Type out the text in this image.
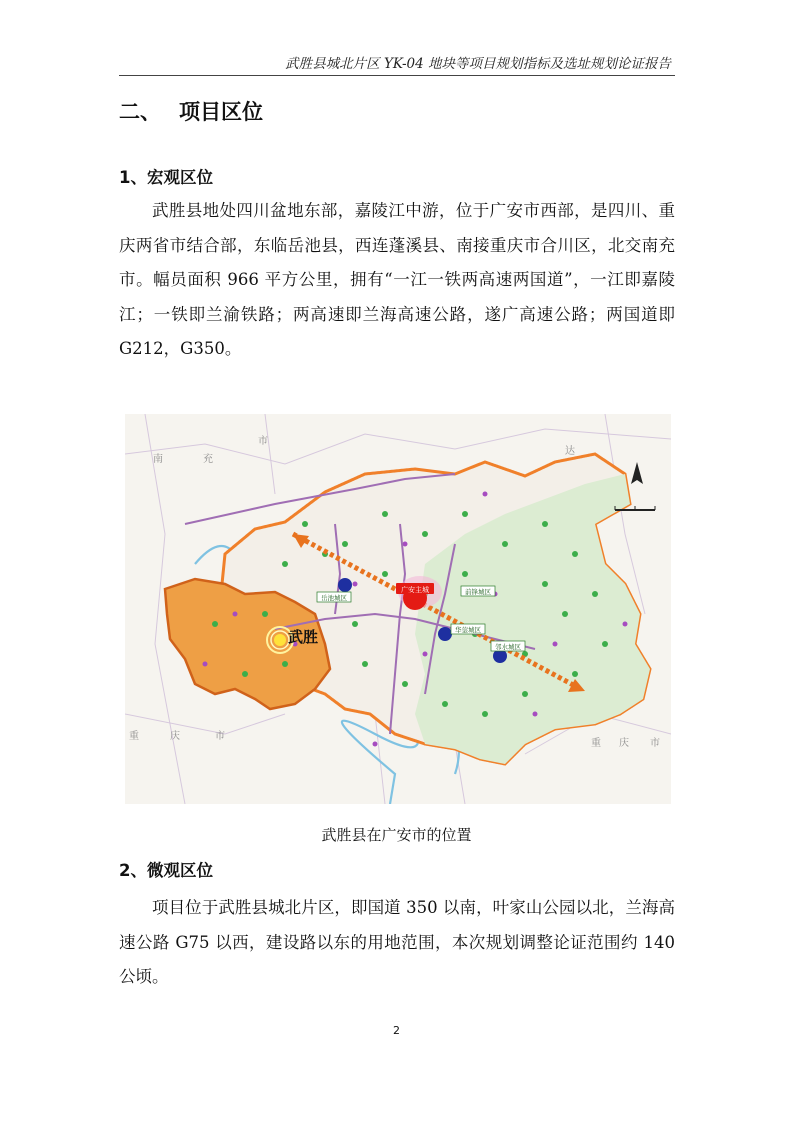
武胜县城北片区 YK-04 地块等项目规划指标及选址规划论证报告
二、 项目区位
1、宏观区位
武胜县地处四川盆地东部，嘉陵江中游，位于广安市西部，是四川、重庆两省市结合部，东临岳池县，西连蓬溪县、南接重庆市合川区，北交南充市。幅员面积 966 平方公里，拥有“一江一铁两高速两国道”，一江即嘉陵江；一铁即兰渝铁路；两高速即兰海高速公路，遂广高速公路；两国道即 G212，G350。
广安主城
岳池城区
前锋城区
华蓥城区
邻水城区
武胜
南	充
市
重	庆	市
重 庆 市
达
武胜县在广安市的位置
2、微观区位
项目位于武胜县城北片区，即国道 350 以南，叶家山公园以北，兰海高速公路 G75 以西，建设路以东的用地范围，本次规划调整论证范围约 140 公顷。
2
